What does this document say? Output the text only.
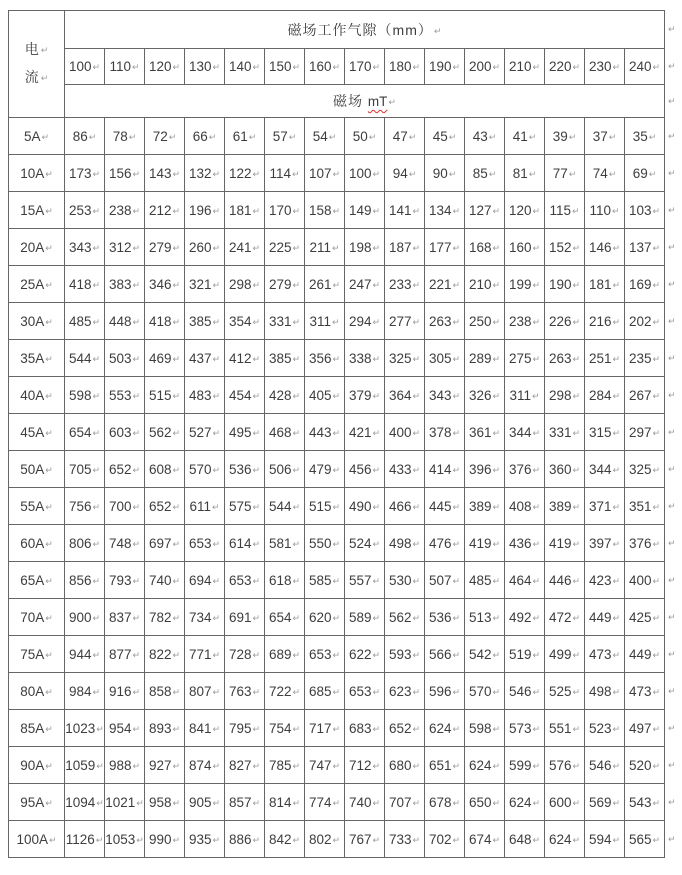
电↵
流↵	磁场工作气隙（mm）↵															↵
	100↵	110↵	120↵	130↵	140↵	150↵	160↵	170↵	180↵	190↵	200↵	210↵	220↵	230↵	240↵	↵
	磁场 mT↵															↵
5A↵	86↵	78↵	72↵	66↵	61↵	57↵	54↵	50↵	47↵	45↵	43↵	41↵	39↵	37↵	35↵	↵
10A↵	173↵	156↵	143↵	132↵	122↵	114↵	107↵	100↵	94↵	90↵	85↵	81↵	77↵	74↵	69↵	↵
15A↵	253↵	238↵	212↵	196↵	181↵	170↵	158↵	149↵	141↵	134↵	127↵	120↵	115↵	110↵	103↵	↵
20A↵	343↵	312↵	279↵	260↵	241↵	225↵	211↵	198↵	187↵	177↵	168↵	160↵	152↵	146↵	137↵	↵
25A↵	418↵	383↵	346↵	321↵	298↵	279↵	261↵	247↵	233↵	221↵	210↵	199↵	190↵	181↵	169↵	↵
30A↵	485↵	448↵	418↵	385↵	354↵	331↵	311↵	294↵	277↵	263↵	250↵	238↵	226↵	216↵	202↵	↵
35A↵	544↵	503↵	469↵	437↵	412↵	385↵	356↵	338↵	325↵	305↵	289↵	275↵	263↵	251↵	235↵	↵
40A↵	598↵	553↵	515↵	483↵	454↵	428↵	405↵	379↵	364↵	343↵	326↵	311↵	298↵	284↵	267↵	↵
45A↵	654↵	603↵	562↵	527↵	495↵	468↵	443↵	421↵	400↵	378↵	361↵	344↵	331↵	315↵	297↵	↵
50A↵	705↵	652↵	608↵	570↵	536↵	506↵	479↵	456↵	433↵	414↵	396↵	376↵	360↵	344↵	325↵	↵
55A↵	756↵	700↵	652↵	611↵	575↵	544↵	515↵	490↵	466↵	445↵	389↵	408↵	389↵	371↵	351↵	↵
60A↵	806↵	748↵	697↵	653↵	614↵	581↵	550↵	524↵	498↵	476↵	419↵	436↵	419↵	397↵	376↵	↵
65A↵	856↵	793↵	740↵	694↵	653↵	618↵	585↵	557↵	530↵	507↵	485↵	464↵	446↵	423↵	400↵	↵
70A↵	900↵	837↵	782↵	734↵	691↵	654↵	620↵	589↵	562↵	536↵	513↵	492↵	472↵	449↵	425↵	↵
75A↵	944↵	877↵	822↵	771↵	728↵	689↵	653↵	622↵	593↵	566↵	542↵	519↵	499↵	473↵	449↵	↵
80A↵	984↵	916↵	858↵	807↵	763↵	722↵	685↵	653↵	623↵	596↵	570↵	546↵	525↵	498↵	473↵	↵
85A↵	1023↵	954↵	893↵	841↵	795↵	754↵	717↵	683↵	652↵	624↵	598↵	573↵	551↵	523↵	497↵	↵
90A↵	1059↵	988↵	927↵	874↵	827↵	785↵	747↵	712↵	680↵	651↵	624↵	599↵	576↵	546↵	520↵	↵
95A↵	1094↵	1021↵	958↵	905↵	857↵	814↵	774↵	740↵	707↵	678↵	650↵	624↵	600↵	569↵	543↵	↵
100A↵	1126↵	1053↵	990↵	935↵	886↵	842↵	802↵	767↵	733↵	702↵	674↵	648↵	624↵	594↵	565↵	↵
